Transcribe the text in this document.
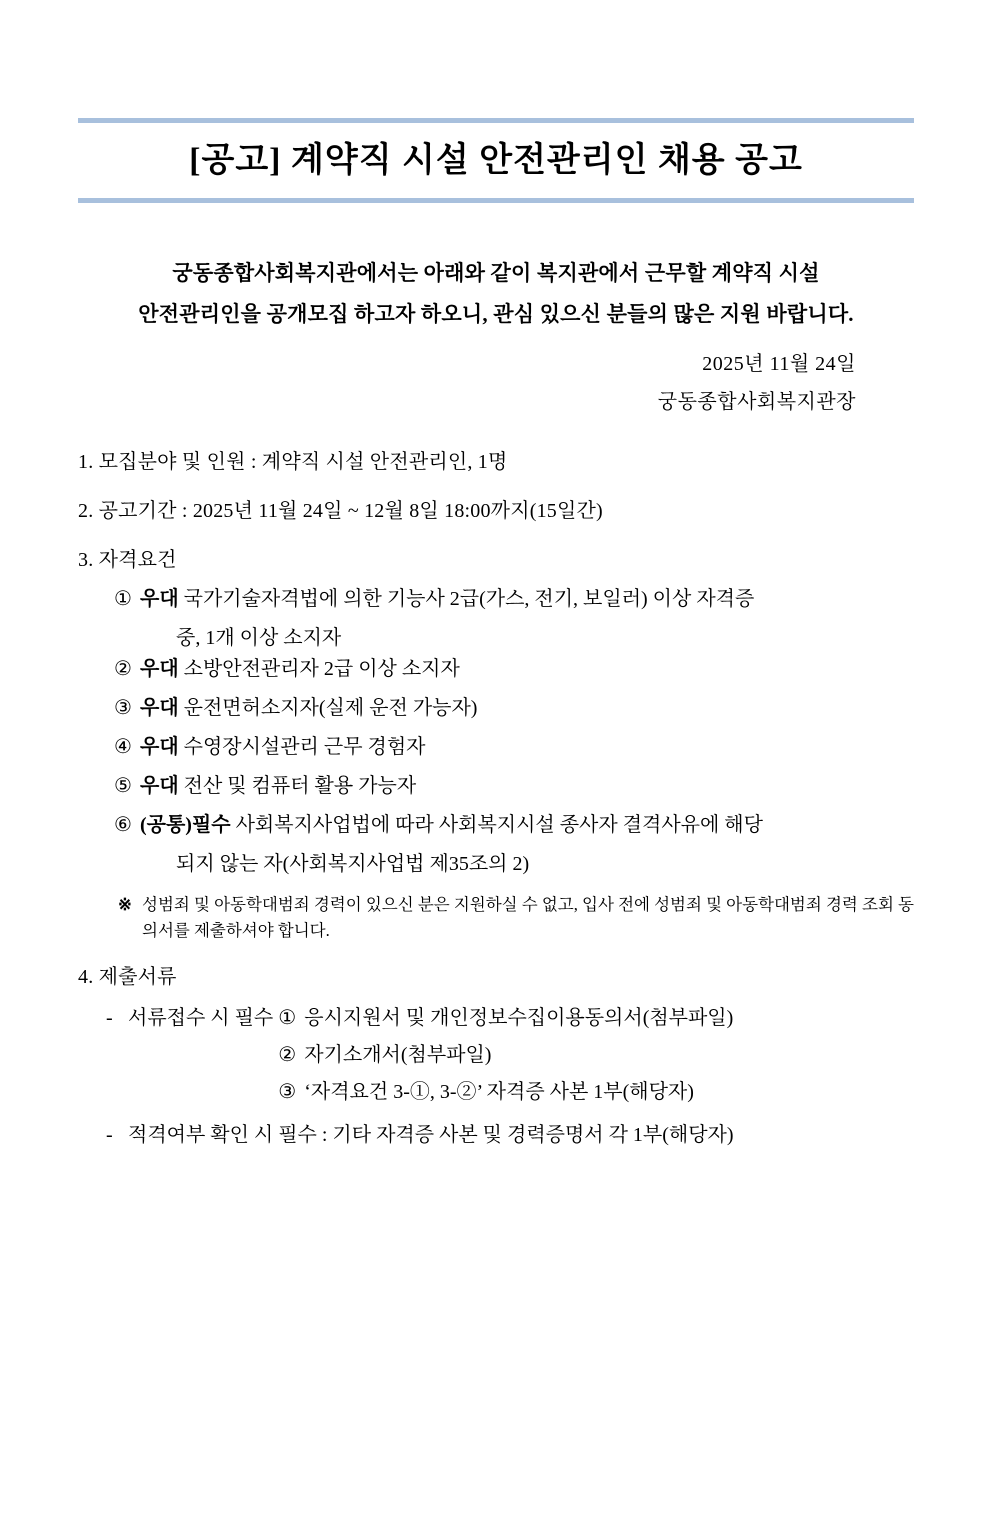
[공고] 계약직 시설 안전관리인 채용 공고
궁동종합사회복지관에서는 아래와 같이 복지관에서 근무할 계약직 시설
안전관리인을 공개모집 하고자 하오니, 관심 있으신 분들의 많은 지원 바랍니다.
2025년 11월 24일
궁동종합사회복지관장
1. 모집분야 및 인원 : 계약직 시설 안전관리인, 1명
2. 공고기간 : 2025년 11월 24일 ~ 12월 8일 18:00까지(15일간)
3. 자격요건
① 우대 국가기술자격법에 의한 기능사 2급(가스, 전기, 보일러) 이상 자격증
중, 1개 이상 소지자
② 우대 소방안전관리자 2급 이상 소지자
③ 우대 운전면허소지자(실제 운전 가능자)
④ 우대 수영장시설관리 근무 경험자
⑤ 우대 전산 및 컴퓨터 활용 가능자
⑥ (공통)필수 사회복지사업법에 따라 사회복지시설 종사자 결격사유에 해당
되지 않는 자(사회복지사업법 제35조의 2)
※ 성범죄 및 아동학대범죄 경력이 있으신 분은 지원하실 수 없고, 입사 전에 성범죄 및 아동학대범죄 경력 조회 동의서를 제출하셔야 합니다.
4. 제출서류
- 서류접수 시 필수 ① 응시지원서 및 개인정보수집이용동의서(첨부파일)
② 자기소개서(첨부파일)
③ ‘자격요건 3-①, 3-②’ 자격증 사본 1부(해당자)
- 적격여부 확인 시 필수 : 기타 자격증 사본 및 경력증명서 각 1부(해당자)
